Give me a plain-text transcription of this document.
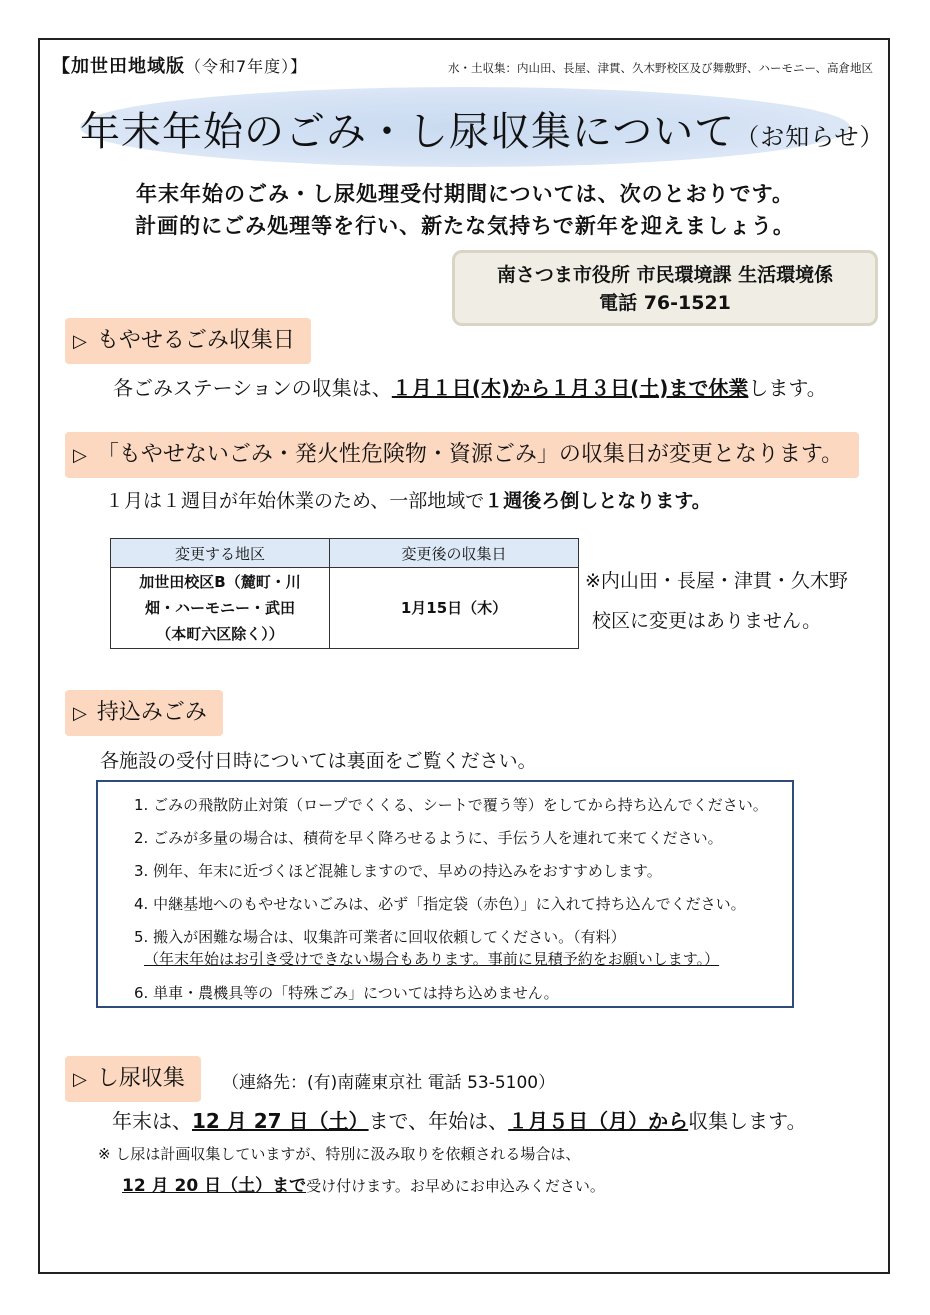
【加世田地域版（令和7年度）】	水・土収集：内山田、長屋、津貫、久木野校区及び舞敷野、ハーモニー、高倉地区
年末年始のごみ・し尿収集について（お知らせ）
年末年始のごみ・し尿処理受付期間については、次のとおりです。
計画的にごみ処理等を行い、新たな気持ちで新年を迎えましょう。
南さつま市役所 市民環境課 生活環境係
電話 76-1521
▷ もやせるごみ収集日
各ごみステーションの収集は、１月１日(木)から１月３日(土)まで休業します。
▷ 「もやせないごみ・発火性危険物・資源ごみ」の収集日が変更となります。
１月は１週目が年始休業のため、一部地域で１週後ろ倒しとなります。
変更する地区	変更後の収集日

加世田校区B（麓町・川
畑・ハーモニー・武田
（本町六区除く））	1月15日（木）
※内山田・長屋・津貫・久木野
校区に変更はありません。
▷ 持込みごみ
各施設の受付日時については裏面をご覧ください。
1. ごみの飛散防止対策（ロープでくくる、シートで覆う等）をしてから持ち込んでください。
2. ごみが多量の場合は、積荷を早く降ろせるように、手伝う人を連れて来てください。
3. 例年、年末に近づくほど混雑しますので、早めの持込みをおすすめします。
4. 中継基地へのもやせないごみは、必ず「指定袋（赤色）」に入れて持ち込んでください。
5. 搬入が困難な場合は、収集許可業者に回収依頼してください。（有料）
（年末年始はお引き受けできない場合もあります。事前に見積予約をお願いします。）
6. 単車・農機具等の「特殊ごみ」については持ち込めません。
▷ し尿収集	（連絡先：(有)南薩東京社 電話 53-5100）
年末は、12 月 27 日（土）まで、年始は、１月５日（月）から収集します。
※ し尿は計画収集していますが、特別に汲み取りを依頼される場合は、
12 月 20 日（土）まで受け付けます。お早めにお申込みください。
